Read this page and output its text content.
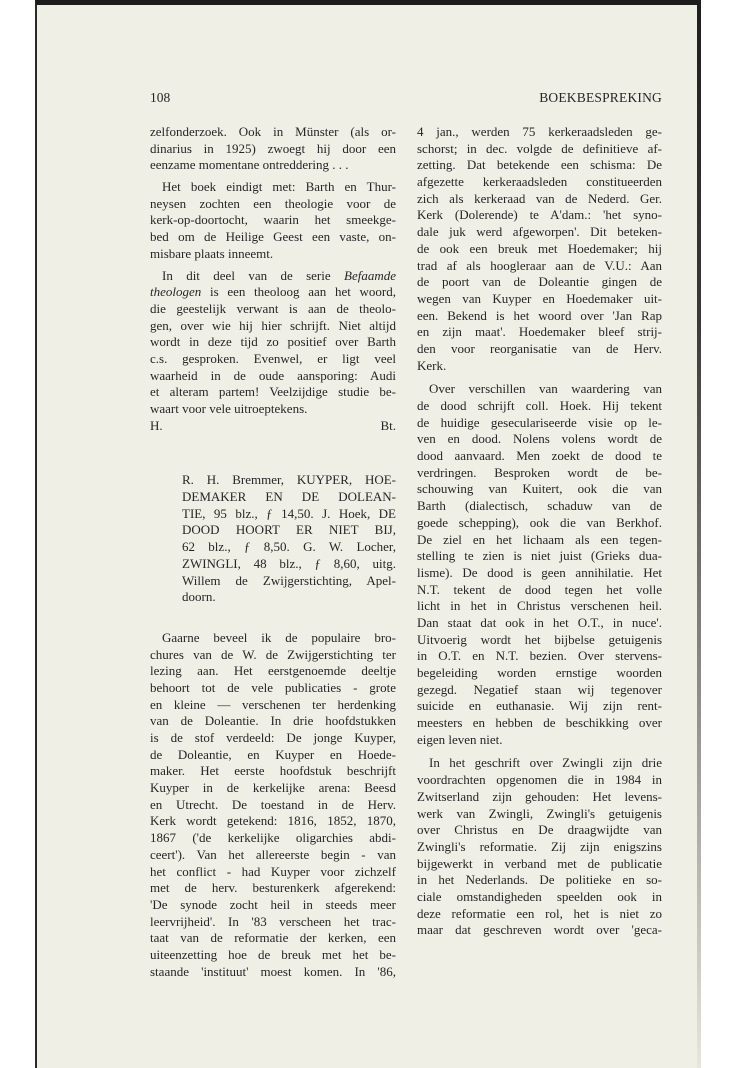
108	BOEKBESPREKING
zelfonderzoek. Ook in Münster (als or-
dinarius in 1925) zwoegt hij door een
eenzame momentane ontreddering . . .
Het boek eindigt met: Barth en Thur-
neysen zochten een theologie voor de
kerk-op-doortocht, waarin het smeekge-
bed om de Heilige Geest een vaste, on-
misbare plaats inneemt.
In dit deel van de serie Befaamde
theologen is een theoloog aan het woord,
die geestelijk verwant is aan de theolo-
gen, over wie hij hier schrijft. Niet altijd
wordt in deze tijd zo positief over Barth
c.s. gesproken. Evenwel, er ligt veel
waarheid in de oude aansporing: Audi
et alteram partem! Veelzijdige studie be-
waart voor vele uitroeptekens.
H.	Bt.
R. H. Bremmer, KUYPER, HOE-
DEMAKER EN DE DOLEAN-
TIE, 95 blz., ƒ 14,50. J. Hoek, DE
DOOD HOORT ER NIET BIJ,
62 blz., ƒ 8,50. G. W. Locher,
ZWINGLI, 48 blz., ƒ 8,60, uitg.
Willem de Zwijgerstichting, Apel-
doorn.
Gaarne beveel ik de populaire bro-
chures van de W. de Zwijgerstichting ter
lezing aan. Het eerstgenoemde deeltje
behoort tot de vele publicaties - grote
en kleine — verschenen ter herdenking
van de Doleantie. In drie hoofdstukken
is de stof verdeeld: De jonge Kuyper,
de Doleantie, en Kuyper en Hoede-
maker. Het eerste hoofdstuk beschrijft
Kuyper in de kerkelijke arena: Beesd
en Utrecht. De toestand in de Herv.
Kerk wordt getekend: 1816, 1852, 1870,
1867 ('de kerkelijke oligarchies abdi-
ceert'). Van het allereerste begin - van
het conflict - had Kuyper voor zichzelf
met de herv. besturenkerk afgerekend:
'De synode zocht heil in steeds meer
leervrijheid'. In '83 verscheen het trac-
taat van de reformatie der kerken, een
uiteenzetting hoe de breuk met het be-
staande 'instituut' moest komen. In '86,
4 jan., werden 75 kerkeraadsleden ge-
schorst; in dec. volgde de definitieve af-
zetting. Dat betekende een schisma: De
afgezette kerkeraadsleden constitueerden
zich als kerkeraad van de Nederd. Ger.
Kerk (Dolerende) te A'dam.: 'het syno-
dale juk werd afgeworpen'. Dit beteken-
de ook een breuk met Hoedemaker; hij
trad af als hoogleraar aan de V.U.: Aan
de poort van de Doleantie gingen de
wegen van Kuyper en Hoedemaker uit-
een. Bekend is het woord over 'Jan Rap
en zijn maat'. Hoedemaker bleef strij-
den voor reorganisatie van de Herv.
Kerk.
Over verschillen van waardering van
de dood schrijft coll. Hoek. Hij tekent
de huidige geseculariseerde visie op le-
ven en dood. Nolens volens wordt de
dood aanvaard. Men zoekt de dood te
verdringen. Besproken wordt de be-
schouwing van Kuitert, ook die van
Barth (dialectisch, schaduw van de
goede schepping), ook die van Berkhof.
De ziel en het lichaam als een tegen-
stelling te zien is niet juist (Grieks dua-
lisme). De dood is geen annihilatie. Het
N.T. tekent de dood tegen het volle
licht in het in Christus verschenen heil.
Dan staat dat ook in het O.T., in nuce'.
Uitvoerig wordt het bijbelse getuigenis
in O.T. en N.T. bezien. Over stervens-
begeleiding worden ernstige woorden
gezegd. Negatief staan wij tegenover
suicide en euthanasie. Wij zijn rent-
meesters en hebben de beschikking over
eigen leven niet.
In het geschrift over Zwingli zijn drie
voordrachten opgenomen die in 1984 in
Zwitserland zijn gehouden: Het levens-
werk van Zwingli, Zwingli's getuigenis
over Christus en De draagwijdte van
Zwingli's reformatie. Zij zijn enigszins
bijgewerkt in verband met de publicatie
in het Nederlands. De politieke en so-
ciale omstandigheden speelden ook in
deze reformatie een rol, het is niet zo
maar dat geschreven wordt over 'geca-
